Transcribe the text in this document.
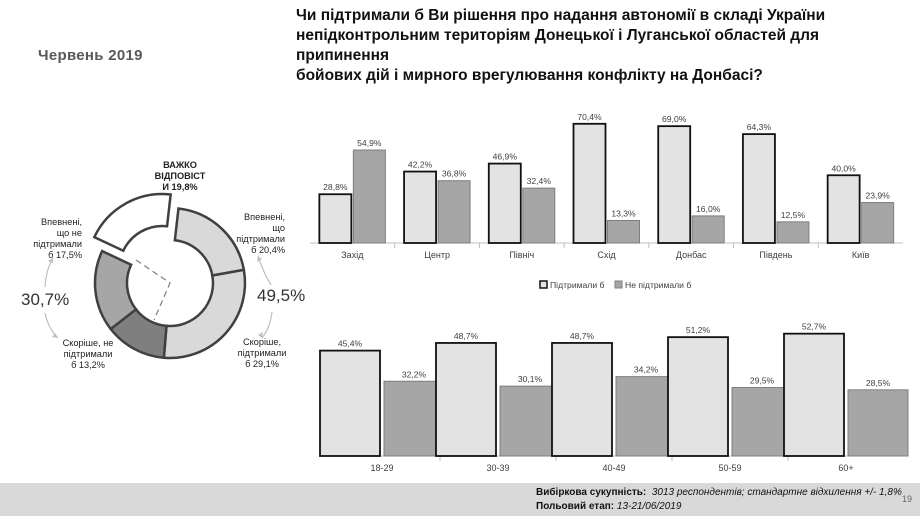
Червень 2019
Чи підтримали б Ви рішення про надання автономії в складі України
непідконтрольним територіям Донецької і Луганської областей для припинення
бойових дій і мирного врегулювання конфлікту на Донбасі?
ВАЖКО ВІДПОВІСТ И 19,8%
Впевнені, що підтримали б 20,4%
Скоріше, підтримали б 29,1%
Скоріше, не підтримали б 13,2%
Впевнені, що не підтримали б 17,5%
49,5%
30,7%
28,8%
54,9%
Захід
42,2%
36,8%
Центр
46,9%
32,4%
Північ
70,4%
13,3%
Схід
69,0%
16,0%
Донбас
64,3%
12,5%
Південь
40,0%
23,9%
Київ
Підтримали б Не підтримали б
45,4%
32,2%
18-29
48,7%
30,1%
30-39
48,7%
34,2%
40-49
51,2%
29,5%
50-59
52,7%
28,5%
60+
Вибіркова сукупність: 3013 респондентів; стандартне відхилення +/- 1,8%
Польовий етап: 13-21/06/2019
19
